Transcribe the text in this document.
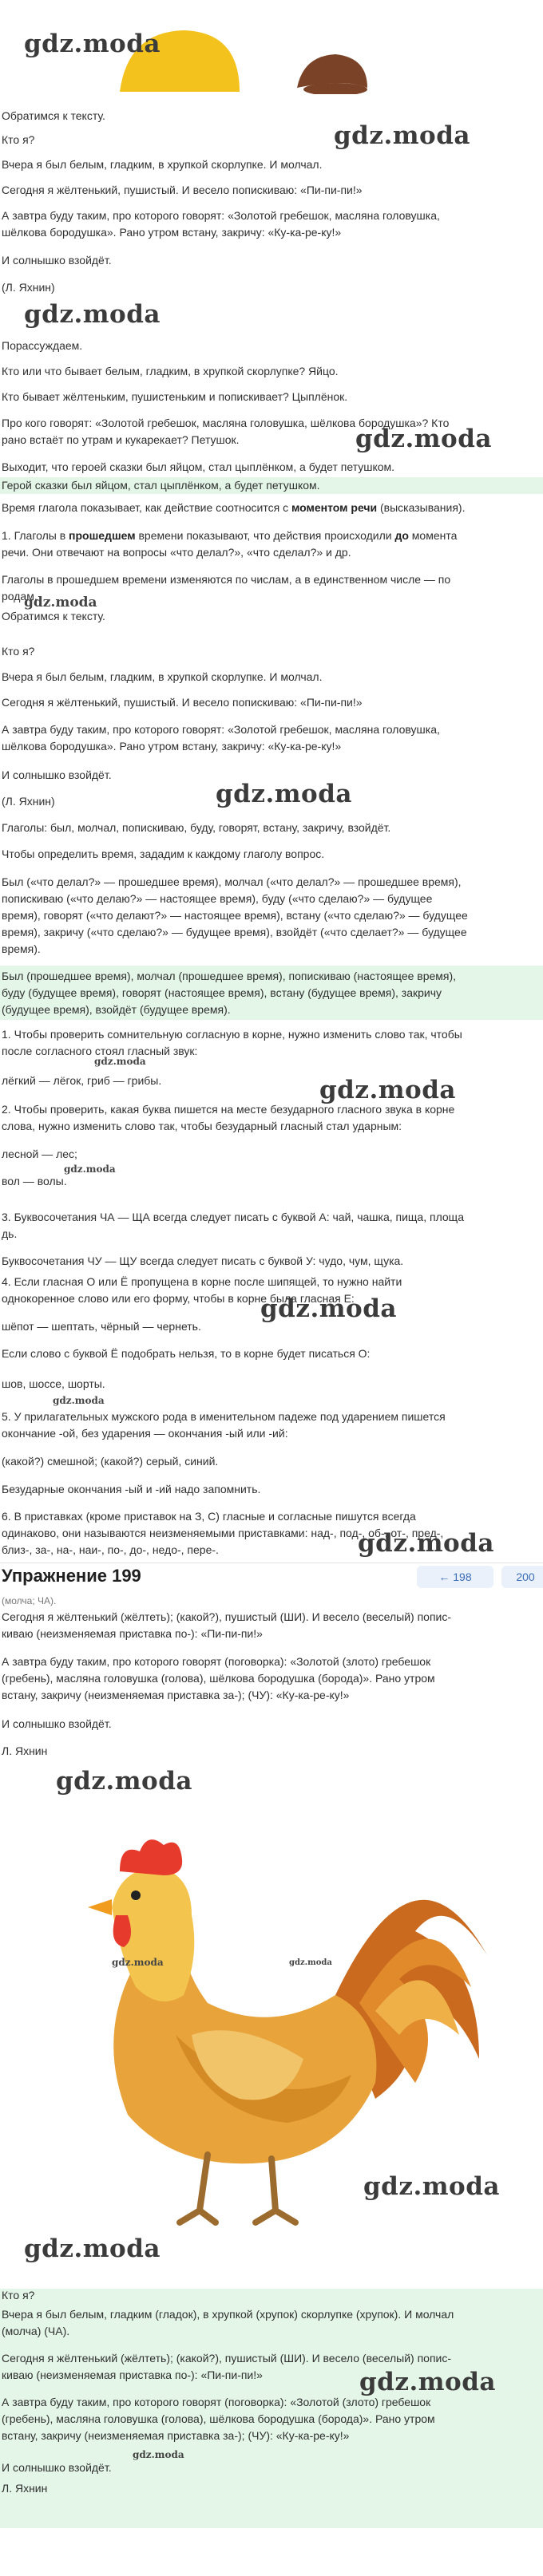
gdz.moda
Обратимся к тексту.
Кто я?	gdz.moda
Вчера я был белым, гладким, в хрупкой скорлупке. И молчал.
Сегодня я жёлтенький, пушистый. И весело попискиваю: «Пи-пи-пи!»
А завтра буду таким, про которого говорят: «Золотой гребешок, масляна головушка,
шёлкова бородушка». Рано утром встану, закричу: «Ку-ка-ре-ку!»
И солнышко взойдёт.
(Л. Яхнин)
gdz.moda
Порассуждаем.
Кто или что бывает белым, гладким, в хрупкой скорлупке? Яйцо.
Кто бывает жёлтеньким, пушистеньким и попискивает? Цыплёнок.
Про кого говорят: «Золотой гребешок, масляна головушка, шёлкова бородушка»? Кто
рано встаёт по утрам и кукарекает? Петушок.	gdz.moda
Выходит, что героей сказки был яйцом, стал цыплёнком, а будет петушком.
Герой сказки был яйцом, стал цыплёнком, а будет петушком.
Время глагола показывает, как действие соотносится с моментом речи (высказывания).
1. Глаголы в прошедшем времени показывают, что действия происходили до момента
речи. Они отвечают на вопросы «что делал?», «что сделал?» и др.
Глаголы в прошедшем времени изменяются по числам, а в единственном числе — по
родам.
gdz.moda
Обратимся к тексту.
Кто я?
Вчера я был белым, гладким, в хрупкой скорлупке. И молчал.
Сегодня я жёлтенький, пушистый. И весело попискиваю: «Пи-пи-пи!»
А завтра буду таким, про которого говорят: «Золотой гребешок, масляна головушка,
шёлкова бородушка». Рано утром встану, закричу: «Ку-ка-ре-ку!»
И солнышко взойдёт.
(Л. Яхнин)	gdz.moda
Глаголы: был, молчал, попискиваю, буду, говорят, встану, закричу, взойдёт.
Чтобы определить время, зададим к каждому глаголу вопрос.
Был («что делал?» — прошедшее время), молчал («что делал?» — прошедшее время),
попискиваю («что делаю?» — настоящее время), буду («что сделаю?» — будущее
время), говорят («что делают?» — настоящее время), встану («что сделаю?» — будущее
время), закричу («что сделаю?» — будущее время), взойдёт («что сделает?» — будущее
время).
Был (прошедшее время), молчал (прошедшее время), попискиваю (настоящее время),
буду (будущее время), говорят (настоящее время), встану (будущее время), закричу
(будущее время), взойдёт (будущее время).
1. Чтобы проверить сомнительную согласную в корне, нужно изменить слово так, чтобы
после согласного стоял гласный звук:
gdz.moda
лёгкий — лёгок, гриб — грибы.	gdz.moda
2. Чтобы проверить, какая буква пишется на месте безударного гласного звука в корне
слова, нужно изменить слово так, чтобы безударный гласный стал ударным:
лесной — лес;
gdz.moda
вол — волы.
3. Буквосочетания ЧА — ЩА всегда следует писать с буквой А: чай, чашка, пища, площа
дь.
Буквосочетания ЧУ — ЩУ всегда следует писать с буквой У: чудо, чум, щука.
4. Если гласная О или Ё пропущена в корне после шипящей, то нужно найти
однокоренное слово или его форму, чтобы в корне была гласная Е:
gdz.moda
шёпот — шептать, чёрный — чернеть.
Если слово с буквой Ё подобрать нельзя, то в корне будет писаться О:
шов, шоссе, шорты.
gdz.moda
5. У прилагательных мужского рода в именительном падеже под ударением пишется
окончание -ой, без ударения — окончания -ый или -ий:
(какой?) смешной; (какой?) серый, синий.
Безударные окончания -ый и -ий надо запомнить.
6. В приставках (кроме приставок на З, С) гласные и согласные пишутся всегда
одинаково, они называются неизменяемыми приставками: над-, под-, об-, от-, пред-,
близ-, за-, на-, наи-, по-, до-, недо-, пере-.	gdz.moda
Упражнение 199	← 198	200
(молча; ЧА).
Сегодня я жёлтенький (жёлтеть); (какой?), пушистый (ШИ). И весело (веселый) попис-
киваю (неизменяемая приставка по-): «Пи-пи-пи!»
А завтра буду таким, про которого говорят (поговорка): «Золотой (злото) гребешок
(гребень), масляна головушка (голова), шёлкова бородушка (борода)». Рано утром
встану, закричу (неизменяемая приставка за-); (ЧУ): «Ку-ка-ре-ку!»
И солнышко взойдёт.
Л. Яхнин
gdz.moda
gdz.moda	gdz.moda
gdz.moda
gdz.moda
Кто я?
Вчера я был белым, гладким (гладок), в хрупкой (хрупок) скорлупке (хрупок). И молчал
(молча) (ЧА).
Сегодня я жёлтенький (жёлтеть); (какой?), пушистый (ШИ). И весело (веселый) попис-
киваю (неизменяемая приставка по-): «Пи-пи-пи!»	gdz.moda
А завтра буду таким, про которого говорят (поговорка): «Золотой (злото) гребешок
(гребень), масляна головушка (голова), шёлкова бородушка (борода)». Рано утром
встану, закричу (неизменяемая приставка за-); (ЧУ): «Ку-ка-ре-ку!»
gdz.moda
И солнышко взойдёт.
Л. Яхнин
